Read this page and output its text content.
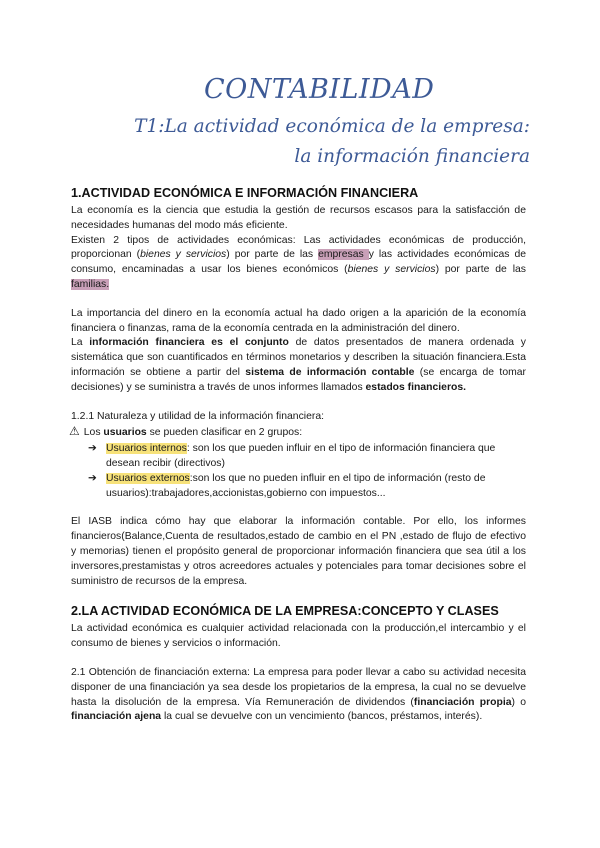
CONTABILIDAD
T1:La actividad económica de la empresa:
la información financiera
1.ACTIVIDAD ECONÓMICA E INFORMACIÓN FINANCIERA

La economía es la ciencia que estudia la gestión de recursos escasos para la satisfacción de necesidades humanas del modo más eficiente.

Existen 2 tipos de actividades económicas: Las actividades económicas de producción, proporcionan (bienes y servicios) por parte de las empresas y las actividades económicas de consumo, encaminadas a usar los bienes económicos (bienes y servicios) por parte de las familias.

La importancia del dinero en la economía actual ha dado origen a la aparición de la economía financiera o finanzas, rama de la economía centrada en la administración del dinero.

La información financiera es el conjunto de datos presentados de manera ordenada y sistemática que son cuantificados en términos monetarios y describen la situación financiera.Esta información se obtiene a partir del sistema de información contable (se encarga de tomar decisiones) y se suministra a través de unos informes llamados estados financieros.

1.2.1 Naturaleza y utilidad de la información financiera:

⚠ Los usuarios se pueden clasificar en 2 grupos:

➔ Usuarios internos: son los que pueden influir en el tipo de información financiera que desean recibir (directivos)
➔ Usuarios externos:son los que no pueden influir en el tipo de información (resto de usuarios):trabajadores,accionistas,gobierno con impuestos...

El IASB indica cómo hay que elaborar la información contable. Por ello, los informes financieros(Balance,Cuenta de resultados,estado de cambio en el PN ,estado de flujo de efectivo y memorias) tienen el propósito general de proporcionar información financiera que sea útil a los inversores,prestamistas y otros acreedores actuales y potenciales para tomar decisiones sobre el suministro de recursos de la empresa.

2.LA ACTIVIDAD ECONÓMICA DE LA EMPRESA:CONCEPTO Y CLASES

La actividad económica es cualquier actividad relacionada con la producción,el intercambio y el consumo de bienes y servicios o información.

2.1 Obtención de financiación externa: La empresa para poder llevar a cabo su actividad necesita disponer de una financiación ya sea desde los propietarios de la empresa, la cual no se devuelve hasta la disolución de la empresa. Vía Remuneración de dividendos (financiación propia) o financiación ajena la cual se devuelve con un vencimiento (bancos, préstamos, interés).
